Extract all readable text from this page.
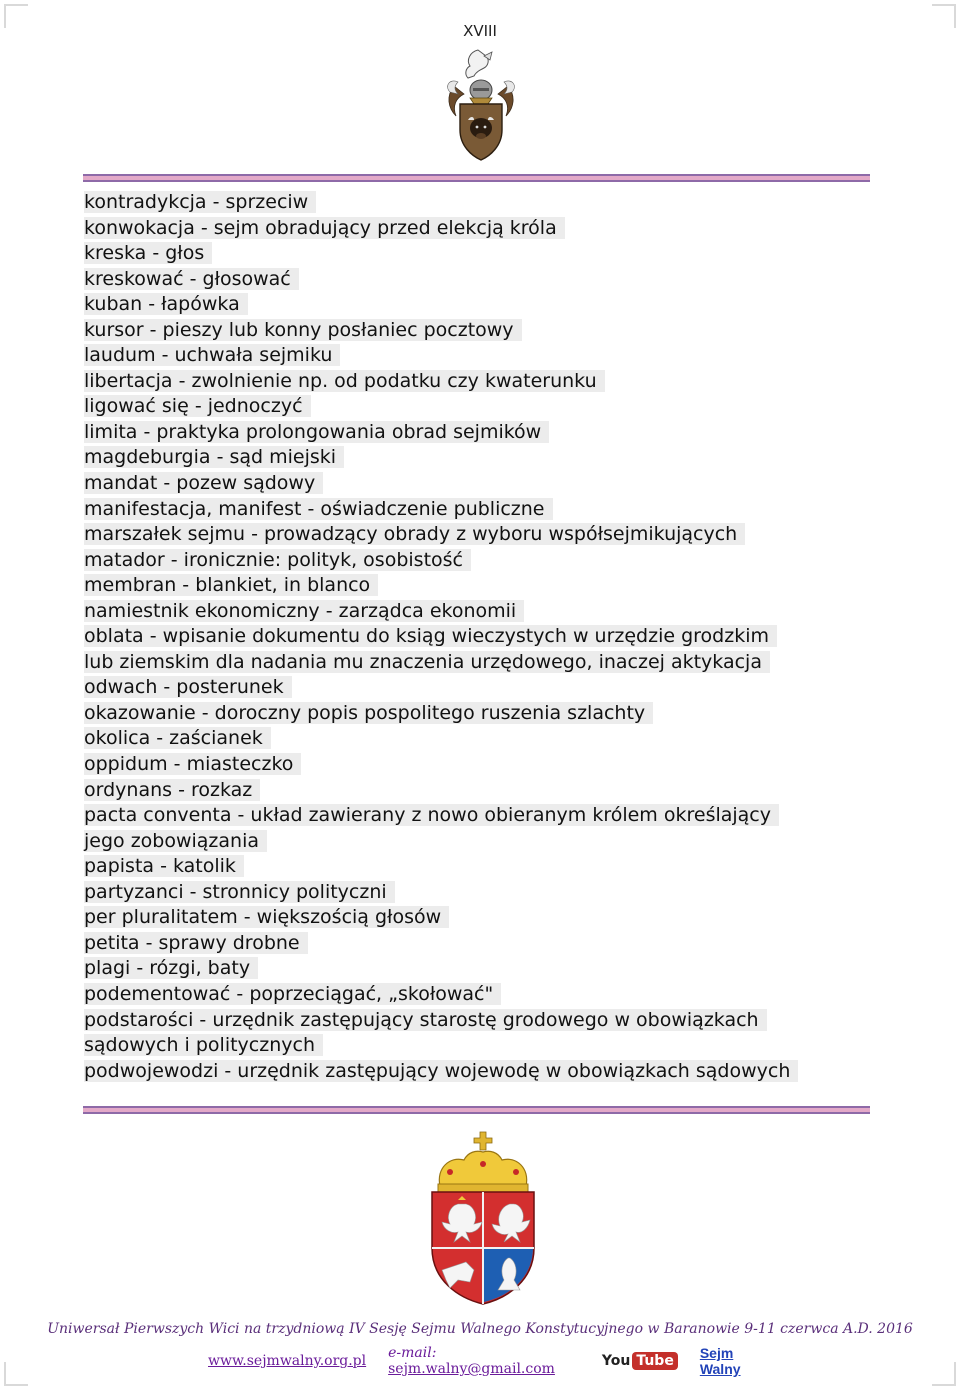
XVIII
kontradykcja - sprzeciw
konwokacja - sejm obradujący przed elekcją króla
kreska - głos
kreskować - głosować
kuban - łapówka
kursor - pieszy lub konny posłaniec pocztowy
laudum - uchwała sejmiku
libertacja - zwolnienie np. od podatku czy kwaterunku
ligować się - jednoczyć
limita - praktyka prolongowania obrad sejmików
magdeburgia - sąd miejski
mandat - pozew sądowy
manifestacja, manifest - oświadczenie publiczne
marszałek sejmu - prowadzący obrady z wyboru współsejmikujących
matador - ironicznie: polityk, osobistość
membran - blankiet, in blanco
namiestnik ekonomiczny - zarządca ekonomii
oblata - wpisanie dokumentu do ksiąg wieczystych w urzędzie grodzkim
lub ziemskim dla nadania mu znaczenia urzędowego, inaczej aktykacja
odwach - posterunek
okazowanie - doroczny popis pospolitego ruszenia szlachty
okolica - zaścianek
oppidum - miasteczko
ordynans - rozkaz
pacta conventa - układ zawierany z nowo obieranym królem określający
jego zobowiązania
papista - katolik
partyzanci - stronnicy polityczni
per pluralitatem - większością głosów
petita - sprawy drobne
plagi - rózgi, baty
podementować - poprzeciągać, „skołować"
podstarości - urzędnik zastępujący starostę grodowego w obowiązkach
sądowych i politycznych
podwojewodzi - urzędnik zastępujący wojewodę w obowiązkach sądowych
Uniwersał Pierwszych Wici na trzydniową IV Sesję Sejmu Walnego Konstytucyjnego w Baranowie 9-11 czerwca A.D. 2016
www.sejmwalny.org.pl e-mail: sejm.walny@gmail.com	You Tube Sejm Walny
